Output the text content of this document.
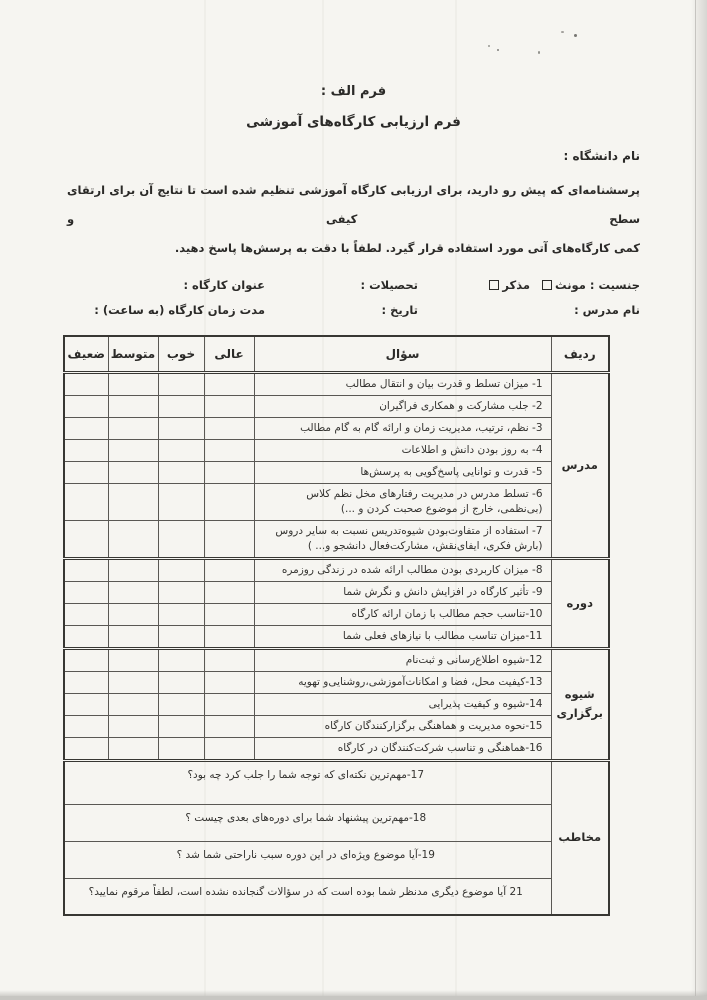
فرم الف :
فرم ارزیابی کارگاه‌های آموزشی
نام دانشگاه :
پرسشنامه‌ای که پیش رو دارید، برای ارزیابی کارگاه آموزشی تنظیم شده است تا نتایج آن برای ارتقای سطح کیفی و
کمی کارگاه‌های آتی مورد استفاده قرار گیرد. لطفاً با دقت به پرسش‌ها پاسخ دهید.
جنسیت : مونثمذکر
تحصیلات :
عنوان کارگاه :
نام مدرس :
تاریخ :
مدت زمان کارگاه (به ساعت) :
ردیف	سؤال	عالی	خوب	متوسط	ضعیف
مدرس	1- میزان تسلط و قدرت بیان و انتقال مطالب				
	2- جلب مشارکت و همکاری فراگیران				
	3- نظم، ترتیب، مدیریت زمان و ارائه گام به گام مطالب				
	4- به روز بودن دانش و اطلاعات				
	5- قدرت و توانایی پاسخ‌گویی به پرسش‌ها				
	6- تسلط مدرس در مدیریت رفتارهای مخل نظم کلاس (بی‌نظمی، خارج از موضوع صحبت کردن و ...)				
	7- استفاده از متفاوت‌بودن شیوه‌تدریس نسبت به سایر دروس (بارش فکری، ایفای‌نقش، مشارکت‌فعال دانشجو و... )				
دوره	8- میزان کاربردی بودن مطالب ارائه شده در زندگی روزمره				
	9- تأثیر کارگاه در افزایش دانش و نگرش شما				
	10-تناسب حجم مطالب با زمان ارائه کارگاه				
	11-میزان تناسب مطالب با نیازهای فعلی شما				
شیوه برگزاری	12-شیوه اطلاع‌رسانی و ثبت‌نام				
	13-کیفیت محل، فضا و امکانات‌آموزشی،روشنایی‌و تهویه				
	14-شیوه و کیفیت پذیرایی				
	15-نحوه مدیریت و هماهنگی برگزارکنندگان کارگاه				
	16-هماهنگی و تناسب شرکت‌کنندگان در کارگاه				
مخاطب	17-مهم‌ترین نکته‌ای که توجه شما را جلب کرد چه بود؟				
	18-مهم‌ترین پیشنهاد شما برای دوره‌های بعدی چیست ؟				
	19-آیا موضوع ویژه‌ای در این دوره سبب ناراحتی شما شد ؟				
	21 آیا موضوع دیگری مدنظر شما بوده است که در سؤالات گنجانده نشده است، لطفاً مرقوم نمایید؟				
